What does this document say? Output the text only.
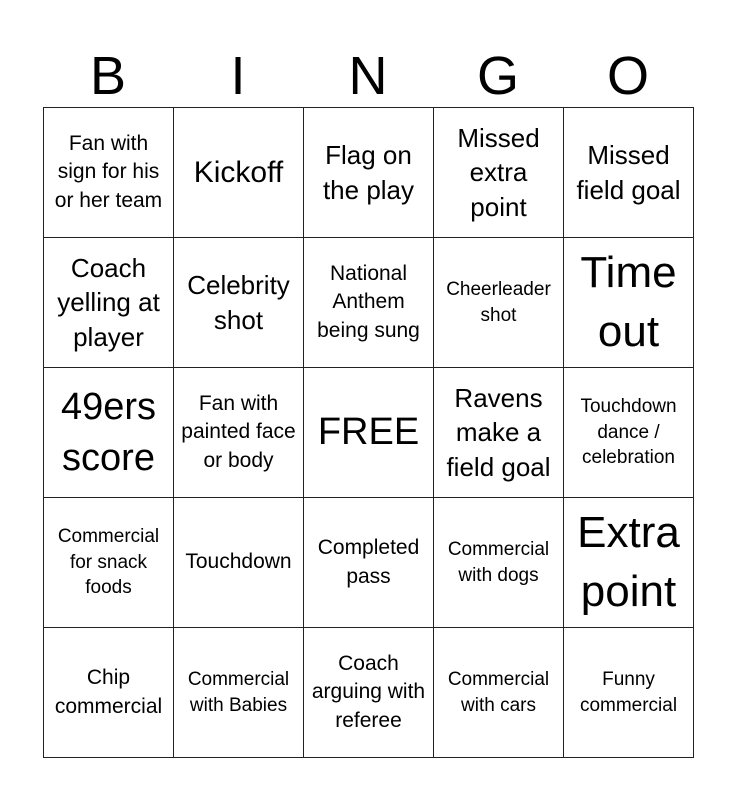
B	I	N	G	O
Fan with sign for his or her team	Kickoff	Flag on the play	Missed extra point	Missed field goal
Coach yelling at player	Celebrity shot	National Anthem being sung	Cheerleader shot	Time out
49ers score	Fan with painted face or body	FREE	Ravens make a field goal	Touchdown dance / celebration
Commercial for snack foods	Touchdown	Completed pass	Commercial with dogs	Extra point
Chip commercial	Commercial with Babies	Coach arguing with referee	Commercial with cars	Funny commercial
